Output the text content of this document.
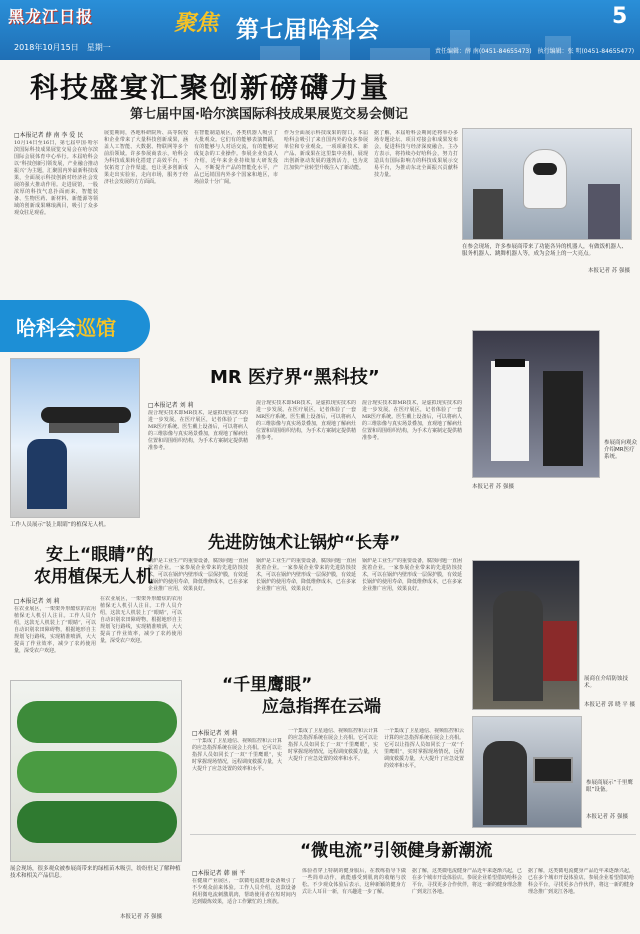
黑龙江日报
2018年10月15日　星期一
聚焦 第七届哈科会
5
责任编辑：薛 南(0451-84655473)　执行编辑：张 明(0451-84655477)
科技盛宴汇聚创新磅礴力量
第七届中国·哈尔滨国际科技成果展览交易会侧记
□本报记者 薛 南 李 爱 民
10月14日至16日，第七届中国·哈尔滨国际科技成果展览交易会在哈尔滨国际会展体育中心举行。本届哈科会以“科技创新引领发展，产业融合推动振兴”为主题，汇聚国内外最新科技成果，全面展示科技创新对经济社会发展的强大推动作用。走进展馆，一股浓厚的科技气息扑面而来，智能装备、生物医药、新材料、新能源等领域的创新成果琳琅满目，吸引了众多观众驻足观看。
展览期间，各地科研院所、高等院校和企业带来了大量科技创新成果，涵盖人工智能、大数据、物联网等多个前沿领域。许多参展商表示，哈科会为科技成果转化搭建了高效平台，不仅拓宽了合作渠道，也让更多创新成果走出实验室，走向市场，服务于经济社会发展的方方面面。
在智能制造展区，各类机器人吸引了大批观众。它们有的能够表演舞蹈，有的能够与人对话交流，有的能够完成复杂的工业操作。参展企业负责人介绍，近年来企业持续加大研发投入，不断提升产品的智能化水平，产品已远销国内外多个国家和地区，市场前景十分广阔。
作为全面展示科技成果的窗口，本届哈科会吸引了来自国内外的众多参展单位和专业观众。一项项新技术、新产品、新成果在这里集中亮相，展现出创新驱动发展的蓬勃活力，也为龙江加快产业转型升级注入了新动能。
据了解，本届哈科会期间还将举办多场专题论坛、项目对接会和成果发布会，促进科技与经济深度融合。主办方表示，将持续办好哈科会，努力打造具有国际影响力的科技成果展示交易平台，为推动东北全面振兴贡献科技力量。
在参会现场，许多参展商带来了功能各异的机器人，有做饭机器人、服务机器人、跳舞机器人等，成为会场上的一大亮点。
本报记者 苏 强摄
哈科会巡馆
工作人员展示“装上眼睛”的植保无人机。
MR 医疗界“黑科技”
□本报记者 刘 莉
混合现实技术即MR技术，是虚拟现实技术的进一步发展。在医疗展区，记者体验了一套MR医疗系统。医生戴上设备后，可以将病人的三维影像与真实场景叠加，直观地了解病灶位置和周围组织结构，为手术方案制定提供精准参考。
混合现实技术即MR技术，是虚拟现实技术的进一步发展。在医疗展区，记者体验了一套MR医疗系统。医生戴上设备后，可以将病人的三维影像与真实场景叠加，直观地了解病灶位置和周围组织结构，为手术方案制定提供精准参考。
混合现实技术即MR技术，是虚拟现实技术的进一步发展。在医疗展区，记者体验了一套MR医疗系统。医生戴上设备后，可以将病人的三维影像与真实场景叠加，直观地了解病灶位置和周围组织结构，为手术方案制定提供精准参考。
参展商向观众介绍MR医疗系统。
本报记者 苏 强摄
先进防蚀术让锅炉“长寿”
锅炉是工业生产的重要设备，腐蚀问题一直困扰着企业。一家参展企业带来的先进防蚀技术，可以在锅炉内壁形成一层保护膜，有效延长锅炉的使用寿命，降低维修成本，已在多家企业推广应用，效果良好。
锅炉是工业生产的重要设备，腐蚀问题一直困扰着企业。一家参展企业带来的先进防蚀技术，可以在锅炉内壁形成一层保护膜，有效延长锅炉的使用寿命，降低维修成本，已在多家企业推广应用，效果良好。
锅炉是工业生产的重要设备，腐蚀问题一直困扰着企业。一家参展企业带来的先进防蚀技术，可以在锅炉内壁形成一层保护膜，有效延长锅炉的使用寿命，降低维修成本，已在多家企业推广应用，效果良好。
展商在介绍防蚀技术。
本报记者 郭 晓 平 摄
安上“眼睛”的
农用植保无人机
□本报记者 刘 莉
在农业展区，一架架外形酷炫的农用植保无人机引人注目。工作人员介绍，这款无人机装上了“眼睛”，可以自动识别农田障碍物，根据地形自主规划飞行路线，实现精准喷洒，大大提高了作业效率，减少了农药使用量，深受农户欢迎。
在农业展区，一架架外形酷炫的农用植保无人机引人注目。工作人员介绍，这款无人机装上了“眼睛”，可以自动识别农田障碍物，根据地形自主规划飞行路线，实现精准喷洒，大大提高了作业效率，减少了农药使用量，深受农户欢迎。
“千里鹰眼”
应急指挥在云端
□本报记者 刘 莉
一个集成了卫星通信、视频监控和云计算的应急指挥系统在展会上亮相。它可以让指挥人员如同长了一双“千里鹰眼”，实时掌握现场情况，远程调度救援力量，大大提升了应急处置的效率和水平。
一个集成了卫星通信、视频监控和云计算的应急指挥系统在展会上亮相。它可以让指挥人员如同长了一双“千里鹰眼”，实时掌握现场情况，远程调度救援力量，大大提升了应急处置的效率和水平。
一个集成了卫星通信、视频监控和云计算的应急指挥系统在展会上亮相。它可以让指挥人员如同长了一双“千里鹰眼”，实时掌握现场情况，远程调度救援力量，大大提升了应急处置的效率和水平。
参展商展示“千里鹰眼”设备。
本报记者 苏 强摄
展会现场，很多观众被参展商带来的绿植苗木吸引，纷纷驻足了解种植技术和相关产品信息。
本报记者 苏 强摄
“微电流”引领健身新潮流
□本报记者 韩 丽 平
在健康产业展区，一款微电流健身设备吸引了不少观众前来体验。工作人员介绍，这款设备利用微电流刺激肌肉，帮助使用者在短时间内达到锻炼效果，适合工作繁忙的上班族。
体验者穿上特制的健身服后，在教练指导下做一些简单动作，就能感受到肌肉的收缩与放松。不少观众体验后表示，这种新颖的健身方式让人耳目一新，有兴趣进一步了解。
据了解，这类微电流健身产品近年来逐渐兴起，已在多个城市开设体验店。参展企业希望借助哈科会平台，寻找更多合作伙伴，将这一新的健身理念推广到龙江各地。
据了解，这类微电流健身产品近年来逐渐兴起，已在多个城市开设体验店。参展企业希望借助哈科会平台，寻找更多合作伙伴，将这一新的健身理念推广到龙江各地。
